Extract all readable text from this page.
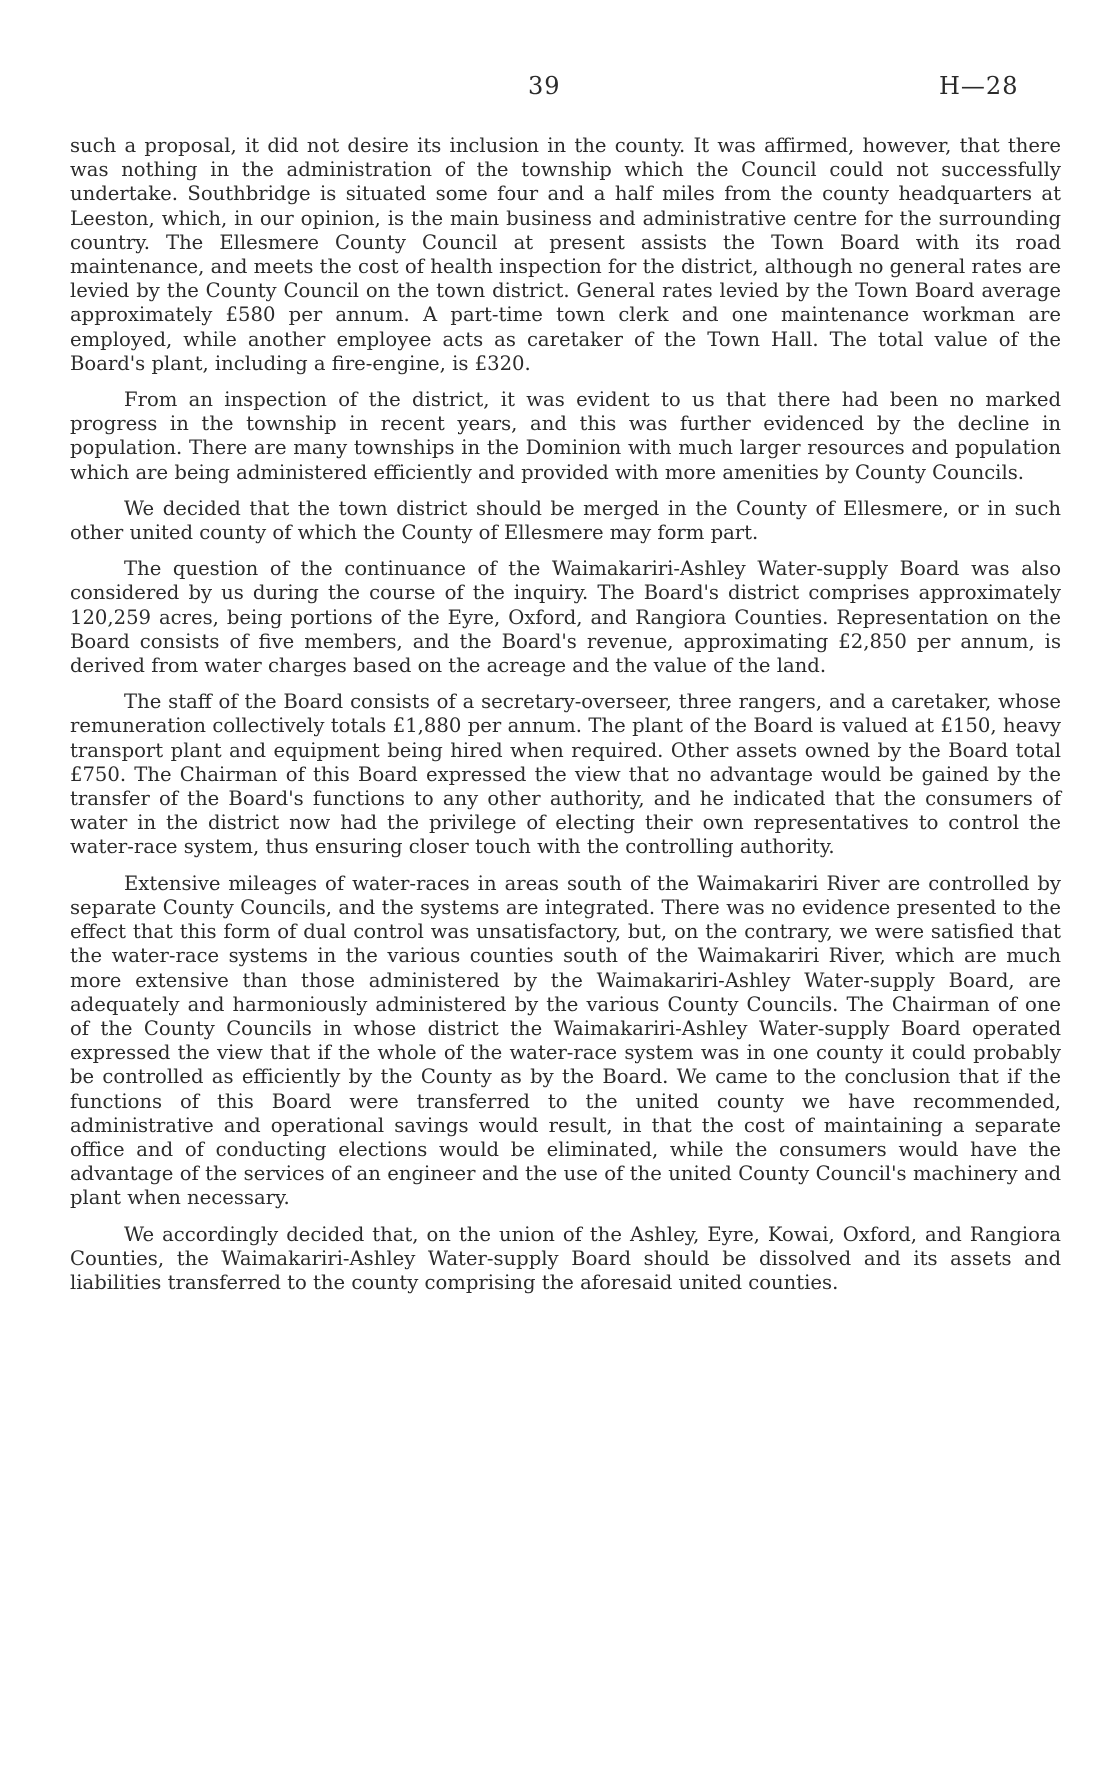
39	H—28

such a proposal, it did not desire its inclusion in the county. It was affirmed, however, that there was nothing in the administration of the township which the Council could not successfully undertake. Southbridge is situated some four and a half miles from the county headquarters at Leeston, which, in our opinion, is the main business and administrative centre for the surrounding country. The Ellesmere County Council at present assists the Town Board with its road maintenance, and meets the cost of health inspection for the district, although no general rates are levied by the County Council on the town district. General rates levied by the Town Board average approximately £580 per annum. A part-time town clerk and one maintenance workman are employed, while another employee acts as caretaker of the Town Hall. The total value of the Board's plant, including a fire-engine, is £320.

From an inspection of the district, it was evident to us that there had been no marked progress in the township in recent years, and this was further evidenced by the decline in population. There are many townships in the Dominion with much larger resources and population which are being administered efficiently and provided with more amenities by County Councils.

We decided that the town district should be merged in the County of Ellesmere, or in such other united county of which the County of Ellesmere may form part.

The question of the continuance of the Waimakariri-Ashley Water-supply Board was also considered by us during the course of the inquiry. The Board's district comprises approximately 120,259 acres, being portions of the Eyre, Oxford, and Rangiora Counties. Representation on the Board consists of five members, and the Board's revenue, approximating £2,850 per annum, is derived from water charges based on the acreage and the value of the land.

The staff of the Board consists of a secretary-overseer, three rangers, and a caretaker, whose remuneration collectively totals £1,880 per annum. The plant of the Board is valued at £150, heavy transport plant and equipment being hired when required. Other assets owned by the Board total £750. The Chairman of this Board expressed the view that no advantage would be gained by the transfer of the Board's functions to any other authority, and he indicated that the consumers of water in the district now had the privilege of electing their own representatives to control the water-race system, thus ensuring closer touch with the controlling authority.

Extensive mileages of water-races in areas south of the Waimakariri River are controlled by separate County Councils, and the systems are integrated. There was no evidence presented to the effect that this form of dual control was unsatisfactory, but, on the contrary, we were satisfied that the water-race systems in the various counties south of the Waimakariri River, which are much more extensive than those administered by the Waimakariri-Ashley Water-supply Board, are adequately and harmoniously administered by the various County Councils. The Chairman of one of the County Councils in whose district the Waimakariri-Ashley Water-supply Board operated expressed the view that if the whole of the water-race system was in one county it could probably be controlled as efficiently by the County as by the Board. We came to the conclusion that if the functions of this Board were transferred to the united county we have recommended, administrative and operational savings would result, in that the cost of maintaining a separate office and of conducting elections would be eliminated, while the consumers would have the advantage of the services of an engineer and the use of the united County Council's machinery and plant when necessary.

We accordingly decided that, on the union of the Ashley, Eyre, Kowai, Oxford, and Rangiora Counties, the Waimakariri-Ashley Water-supply Board should be dissolved and its assets and liabilities transferred to the county comprising the aforesaid united counties.
